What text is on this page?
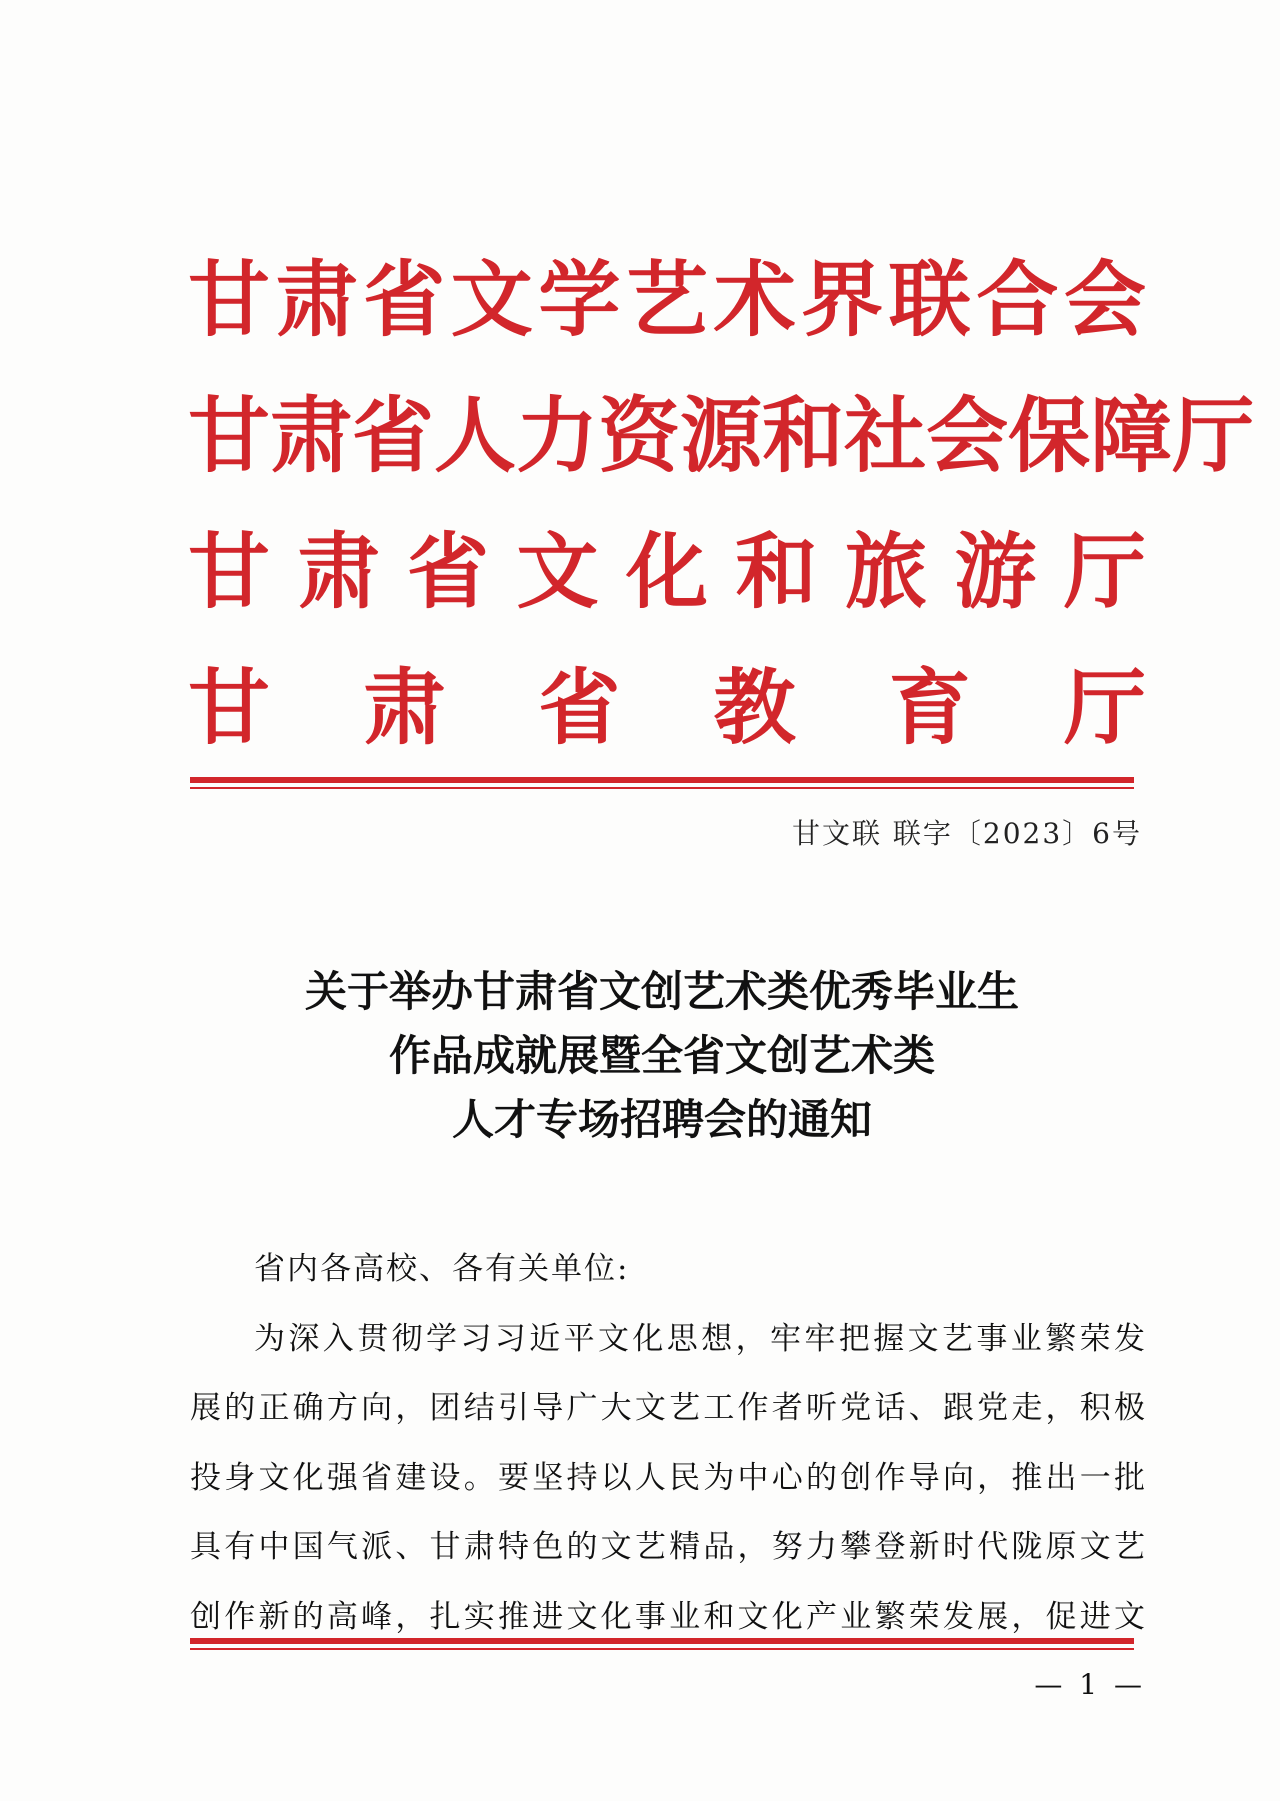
甘 肃 省 文 学 艺 术 界 联 合 会
甘 肃 省 人 力 资 源 和 社 会 保 障 厅
甘 肃 省 文 化 和 旅 游 厅
甘 肃 省 教 育 厅
甘文联 联字〔2023〕6号
关于举办甘肃省文创艺术类优秀毕业生
作品成就展暨全省文创艺术类
人才专场招聘会的通知
省内各高校、各有关单位:
为深入贯彻学习习近平文化思想，牢牢把握文艺事业繁荣发
展的正确方向，团结引导广大文艺工作者听党话、跟党走，积极
投身文化强省建设。要坚持以人民为中心的创作导向，推出一批
具有中国气派、甘肃特色的文艺精品，努力攀登新时代陇原文艺
创作新的高峰，扎实推进文化事业和文化产业繁荣发展，促进文
— 1 —
